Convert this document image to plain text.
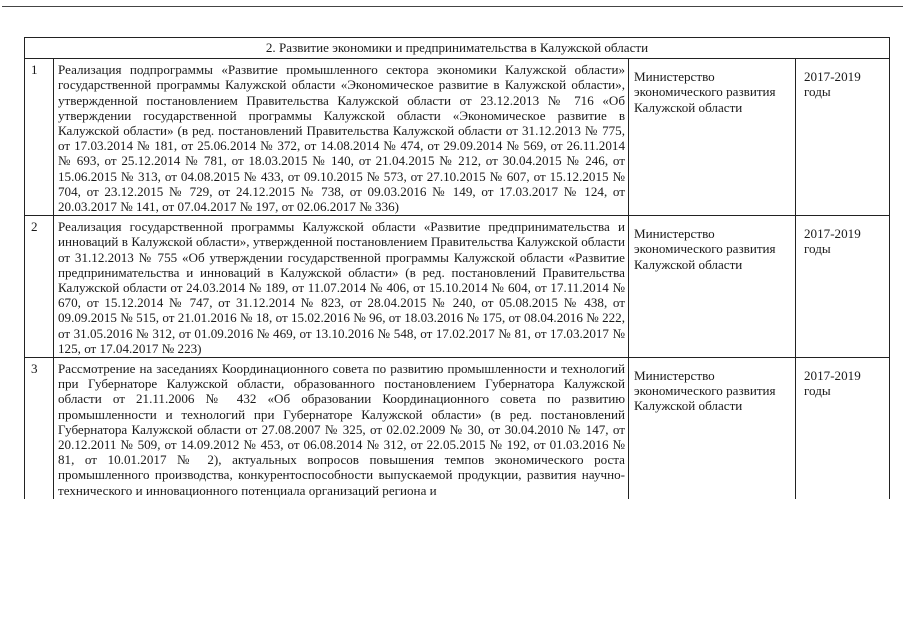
2. Развитие экономики и предпринимательства в Калужской области			
1	Реализация подпрограммы «Развитие промышленного сектора экономики Калужской области» государственной программы Калужской области «Экономическое развитие в Калужской области», утвержденной постановлением Правительства Калужской области от 23.12.2013 № 716 «Об утверждении государственной программы Калужской области «Экономическое развитие в Калужской области» (в ред. постановлений Правительства Калужской области от 31.12.2013 № 775, от 17.03.2014 № 181, от 25.06.2014 № 372, от 14.08.2014 № 474, от 29.09.2014 № 569, от 26.11.2014 № 693, от 25.12.2014 № 781, от 18.03.2015 № 140, от 21.04.2015 № 212, от 30.04.2015 № 246, от 15.06.2015 № 313, от 04.08.2015 № 433, от 09.10.2015 № 573, от 27.10.2015 № 607, от 15.12.2015 № 704, от 23.12.2015 № 729, от 24.12.2015 № 738, от 09.03.2016 № 149, от 17.03.2017 № 124, от 20.03.2017 № 141, от 07.04.2017 № 197, от 02.06.2017 № 336)	Министерство экономического развития Калужской области	2017-2019 годы
2	Реализация государственной программы Калужской области «Развитие предпринимательства и инноваций в Калужской области», утвержденной постановлением Правительства Калужской области от 31.12.2013 № 755 «Об утверждении государственной программы Калужской области «Развитие предпринимательства и инноваций в Калужской области» (в ред. постановлений Правительства Калужской области от 24.03.2014 № 189, от 11.07.2014 № 406, от 15.10.2014 № 604, от 17.11.2014 № 670, от 15.12.2014 № 747, от 31.12.2014 № 823, от 28.04.2015 № 240, от 05.08.2015 № 438, от 09.09.2015 № 515, от 21.01.2016 № 18, от 15.02.2016 № 96, от 18.03.2016 № 175, от 08.04.2016 № 222, от 31.05.2016 № 312, от 01.09.2016 № 469, от 13.10.2016 № 548, от 17.02.2017 № 81, от 17.03.2017 № 125, от 17.04.2017 № 223)	Министерство экономического развития Калужской области	2017-2019 годы
3	Рассмотрение на заседаниях Координационного совета по развитию промышленности и технологий при Губернаторе Калужской области, образованного постановлением Губернатора Калужской области от 21.11.2006 № 432 «Об образовании Координационного совета по развитию промышленности и технологий при Губернаторе Калужской области» (в ред. постановлений Губернатора Калужской области от 27.08.2007 № 325, от 02.02.2009 № 30, от 30.04.2010 № 147, от 20.12.2011 № 509, от 14.09.2012 № 453, от 06.08.2014 № 312, от 22.05.2015 № 192, от 01.03.2016 № 81, от 10.01.2017 № 2), актуальных вопросов повышения темпов экономического роста промышленного производства, конкурентоспособности выпускаемой продукции, развития научно-технического и инновационного потенциала организаций региона и	Министерство экономического развития Калужской области	2017-2019 годы
